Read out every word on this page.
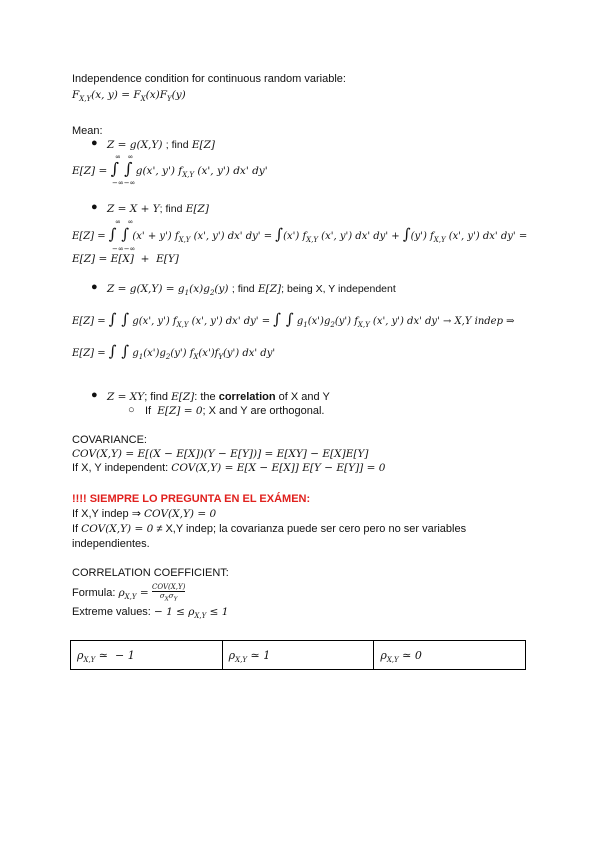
Independence condition for continuous random variable:
$F_{X,Y}(x$, $y) = F_X(x)F_Y(y)$
Mean:
● Z = g(X,Y) ; find E[Z]
E[Z] = ∫ ∫ g(x', y') $f_{X,Y}$ (x', y') dx' dy'
∞   ∞
−∞−∞
● Z = X + Y; find E[Z]
E[Z] = ∫ ∫ (x' + y') $f_{X,Y}$ (x', y') dx' dy' = ∫(x') $f_{X,Y}$ (x', y') dx' dy' + ∫(y') $f_{X,Y}$ (x', y') dx' dy' =
∞   ∞
−∞−∞
E[Z] = E[X]  +  E[Y]
● $Z = g(X,Y) = g_1(x)g_2(y)$ ; find E[Z]; being X, Y independent
E[Z] = ∫ ∫ g(x', y') $f_{X,Y}$ (x', y') dx' dy' = ∫ ∫ $g_1(x')g_2(y')$ $f_{X,Y}$ (x', y') dx' dy' → X,Y indep ⇒
E[Z] = ∫ ∫ $g_1(x')g_2(y')$ $f_X(x')f_Y(y')$ dx' dy'
● Z = XY; find E[Z]: the correlation of X and Y
○ If  E[Z] = 0; X and Y are orthogonal.
COVARIANCE:
COV(X,Y) = E[(X − E[X])(Y − E[Y])] = E[XY] − E[X]E[Y]
If X, Y independent: COV(X,Y) = E[X − E[X]] E[Y − E[Y]] = 0
!!!! SIEMPRE LO PREGUNTA EN EL EXÁMEN:
If X,Y indep ⇒ COV(X,Y) = 0
If COV(X,Y) = 0 ≠ X,Y indep; la covarianza puede ser cero pero no ser variables
independientes.
CORRELATION COEFFICIENT:
Formula: $\rho_{X,Y}$ =
COV(X,Y)
$\sigma_X\sigma_Y$
Extreme values: − $1 \le \rho_{X,Y} \le 1$
$\rho_{X,Y}$ ≃  − 1	$\rho_{X,Y}$ ≃ 1	$\rho_{X,Y}$ ≃ 0
